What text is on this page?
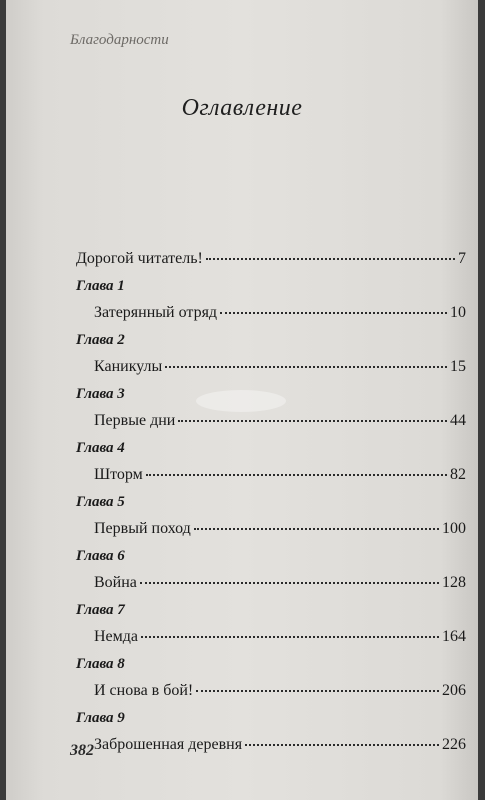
Благодарности
Оглавление
Дорогой читатель!	7
Глава 1
Затерянный отряд	10
Глава 2
Каникулы	15
Глава 3
Первые дни	44
Глава 4
Шторм	82
Глава 5
Первый поход	100
Глава 6
Война	128
Глава 7
Немда	164
Глава 8
И снова в бой!	206
Глава 9
Заброшенная деревня	226
382
